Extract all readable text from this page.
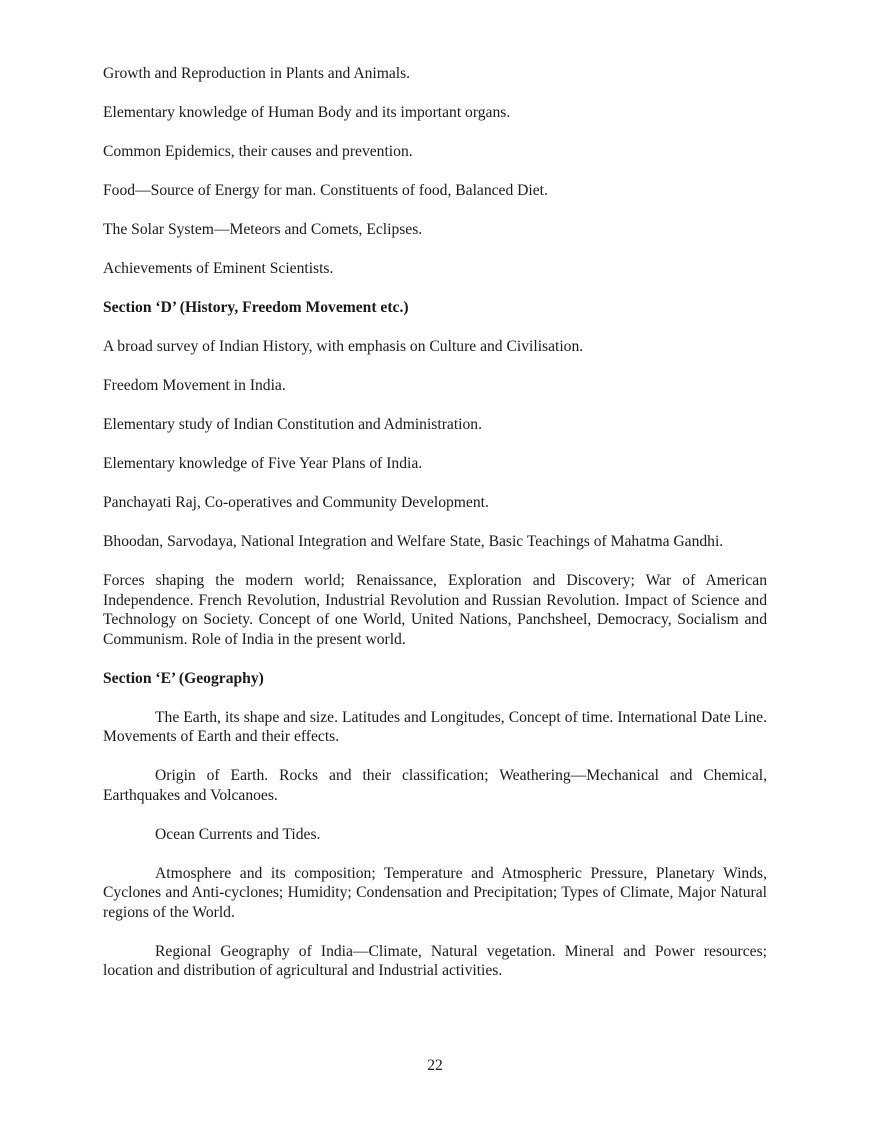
Growth and Reproduction in Plants and Animals.

Elementary knowledge of Human Body and its important organs.

Common Epidemics, their causes and prevention.

Food—Source of Energy for man. Constituents of food, Balanced Diet.

The Solar System—Meteors and Comets, Eclipses.

Achievements of Eminent Scientists.

Section ‘D’ (History, Freedom Movement etc.)

A broad survey of Indian History, with emphasis on Culture and Civilisation.

Freedom Movement in India.

Elementary study of Indian Constitution and Administration.

Elementary knowledge of Five Year Plans of India.

Panchayati Raj, Co-operatives and Community Development.

Bhoodan, Sarvodaya, National Integration and Welfare State, Basic Teachings of Mahatma Gandhi.

Forces shaping the modern world; Renaissance, Exploration and Discovery; War of American Independence. French Revolution, Industrial Revolution and Russian Revolution. Impact of Science and Technology on Society. Concept of one World, United Nations, Panchsheel, Democracy, Socialism and Communism. Role of India in the present world.

Section ‘E’ (Geography)

The Earth, its shape and size. Latitudes and Longitudes, Concept of time. International Date Line. Movements of Earth and their effects.

Origin of Earth. Rocks and their classification; Weathering—Mechanical and Chemical, Earthquakes and Volcanoes.

Ocean Currents and Tides.

Atmosphere and its composition; Temperature and Atmospheric Pressure, Planetary Winds, Cyclones and Anti-cyclones; Humidity; Condensation and Precipitation; Types of Climate, Major Natural regions of the World.

Regional Geography of India—Climate, Natural vegetation. Mineral and Power resources; location and distribution of agricultural and Industrial activities.

22
